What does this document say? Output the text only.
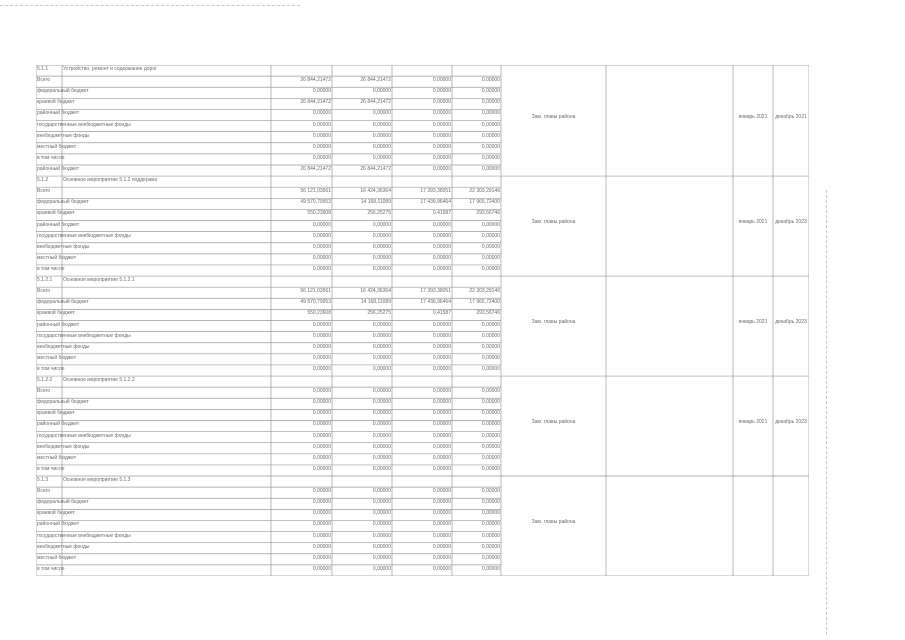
5.1.1	Устройство, ремонт и содержание дорог
Всего	26 844,21472	26 844,21472	0,00000	0,00000
федеральный бюджет	0,00000	0,00000	0,00000	0,00000
краевой бюджет	26 844,21472	26 844,21472	0,00000	0,00000
районный бюджет	0,00000	0,00000	0,00000	0,00000
государственные внебюджетные фонды	0,00000	0,00000	0,00000	0,00000
внебюджетные фонды	0,00000	0,00000	0,00000	0,00000
местный бюджет	0,00000	0,00000	0,00000	0,00000
в том числе	0,00000	0,00000	0,00000	0,00000
районный бюджет	26 844,21472	26 844,21472	0,00000	0,00000
Зам. главы района	январь 2021	декабрь 2021
5.1.2	Основное мероприятие 5.1.2 поддержка
Всего	56 121,03561	16 424,36364	17 393,38051	22 303,29146
федеральный бюджет	49 570,79953	14 168,11089	17 436,96464	17 965,72400
краевой бюджет	550,23608	256,25275	0,41587	293,56746
районный бюджет	0,00000	0,00000	0,00000	0,00000
государственные внебюджетные фонды	0,00000	0,00000	0,00000	0,00000
внебюджетные фонды	0,00000	0,00000	0,00000	0,00000
местный бюджет	0,00000	0,00000	0,00000	0,00000
в том числе	0,00000	0,00000	0,00000	0,00000
Зам. главы района	январь 2021	декабрь 2023
5.1.2.1	Основное мероприятие 5.1.2.1
Всего	56 121,03561	16 424,36364	17 393,38051	22 303,29146
федеральный бюджет	49 570,79953	14 168,11089	17 436,96464	17 965,72400
краевой бюджет	550,23608	256,25275	0,41587	293,56746
районный бюджет	0,00000	0,00000	0,00000	0,00000
государственные внебюджетные фонды	0,00000	0,00000	0,00000	0,00000
внебюджетные фонды	0,00000	0,00000	0,00000	0,00000
местный бюджет	0,00000	0,00000	0,00000	0,00000
в том числе	0,00000	0,00000	0,00000	0,00000
Зам. главы района	январь 2021	декабрь 2023
5.1.2.2	Основное мероприятие 5.1.2.2
Всего	0,00000	0,00000	0,00000	0,00000
федеральный бюджет	0,00000	0,00000	0,00000	0,00000
краевой бюджет	0,00000	0,00000	0,00000	0,00000
районный бюджет	0,00000	0,00000	0,00000	0,00000
государственные внебюджетные фонды	0,00000	0,00000	0,00000	0,00000
внебюджетные фонды	0,00000	0,00000	0,00000	0,00000
местный бюджет	0,00000	0,00000	0,00000	0,00000
в том числе	0,00000	0,00000	0,00000	0,00000
Зам. главы района	январь 2021	декабрь 2023
5.1.3	Основное мероприятие 5.1.3
Всего	0,00000	0,00000	0,00000	0,00000
федеральный бюджет	0,00000	0,00000	0,00000	0,00000
краевой бюджет	0,00000	0,00000	0,00000	0,00000
районный бюджет	0,00000	0,00000	0,00000	0,00000
государственные внебюджетные фонды	0,00000	0,00000	0,00000	0,00000
внебюджетные фонды	0,00000	0,00000	0,00000	0,00000
местный бюджет	0,00000	0,00000	0,00000	0,00000
в том числе	0,00000	0,00000	0,00000	0,00000
Зам. главы района
